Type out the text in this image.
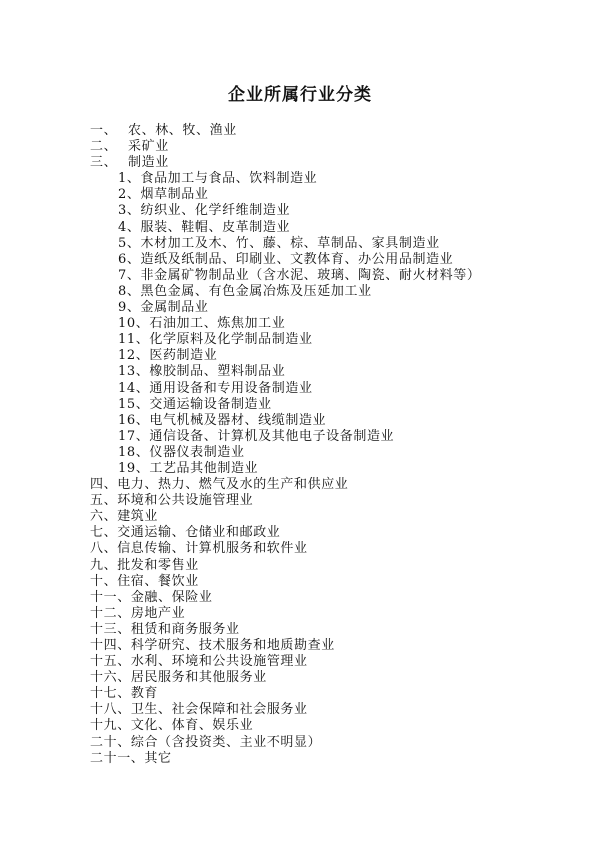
企业所属行业分类
一、 农、林、牧、渔业
二、 采矿业
三、 制造业
1、食品加工与食品、饮料制造业
2、烟草制品业
3、纺织业、化学纤维制造业
4、服装、鞋帽、皮革制造业
5、木材加工及木、竹、藤、棕、草制品、家具制造业
6、造纸及纸制品、印刷业、文教体育、办公用品制造业
7、非金属矿物制品业（含水泥、玻璃、陶瓷、耐火材料等）
8、黑色金属、有色金属冶炼及压延加工业
9、金属制品业
10、石油加工、炼焦加工业
11、化学原料及化学制品制造业
12、医药制造业
13、橡胶制品、塑料制品业
14、通用设备和专用设备制造业
15、交通运输设备制造业
16、电气机械及器材、线缆制造业
17、通信设备、计算机及其他电子设备制造业
18、仪器仪表制造业
19、工艺品其他制造业
四、电力、热力、燃气及水的生产和供应业
五、环境和公共设施管理业
六、建筑业
七、交通运输、仓储业和邮政业
八、信息传输、计算机服务和软件业
九、批发和零售业
十、住宿、餐饮业
十一、金融、保险业
十二、房地产业
十三、租赁和商务服务业
十四、科学研究、技术服务和地质勘查业
十五、水利、环境和公共设施管理业
十六、居民服务和其他服务业
十七、教育
十八、卫生、社会保障和社会服务业
十九、文化、体育、娱乐业
二十、综合（含投资类、主业不明显）
二十一、其它
